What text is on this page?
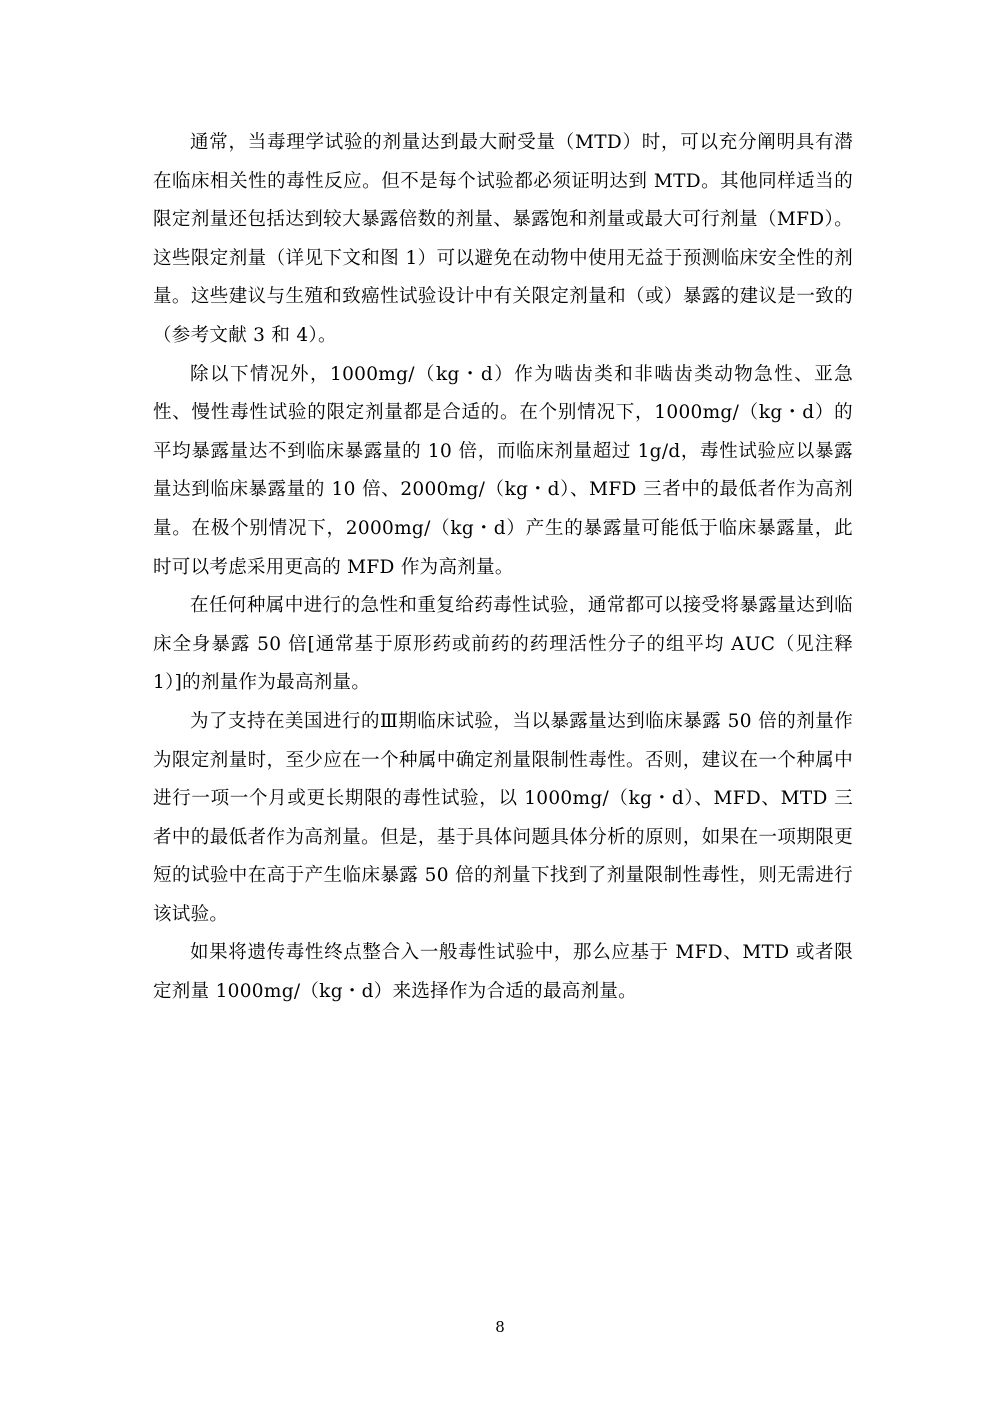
通常，当毒理学试验的剂量达到最大耐受量（MTD）时，可以充分阐明具有潜在临床相关性的毒性反应。但不是每个试验都必须证明达到 MTD。其他同样适当的限定剂量还包括达到较大暴露倍数的剂量、暴露饱和剂量或最大可行剂量（MFD）。这些限定剂量（详见下文和图 1）可以避免在动物中使用无益于预测临床安全性的剂量。这些建议与生殖和致癌性试验设计中有关限定剂量和（或）暴露的建议是一致的（参考文献 3 和 4）。

除以下情况外，1000mg/（kg・d）作为啮齿类和非啮齿类动物急性、亚急性、慢性毒性试验的限定剂量都是合适的。在个别情况下，1000mg/（kg・d）的平均暴露量达不到临床暴露量的 10 倍，而临床剂量超过 1g/d，毒性试验应以暴露量达到临床暴露量的 10 倍、2000mg/（kg・d）、MFD 三者中的最低者作为高剂量。在极个别情况下，2000mg/（kg・d）产生的暴露量可能低于临床暴露量，此时可以考虑采用更高的 MFD 作为高剂量。

在任何种属中进行的急性和重复给药毒性试验，通常都可以接受将暴露量达到临床全身暴露 50 倍[通常基于原形药或前药的药理活性分子的组平均 AUC（见注释 1）]的剂量作为最高剂量。

为了支持在美国进行的Ⅲ期临床试验，当以暴露量达到临床暴露 50 倍的剂量作为限定剂量时，至少应在一个种属中确定剂量限制性毒性。否则，建议在一个种属中进行一项一个月或更长期限的毒性试验，以 1000mg/（kg・d）、MFD、MTD 三者中的最低者作为高剂量。但是，基于具体问题具体分析的原则，如果在一项期限更短的试验中在高于产生临床暴露 50 倍的剂量下找到了剂量限制性毒性，则无需进行该试验。

如果将遗传毒性终点整合入一般毒性试验中，那么应基于 MFD、MTD 或者限定剂量 1000mg/（kg・d）来选择作为合适的最高剂量。

8
